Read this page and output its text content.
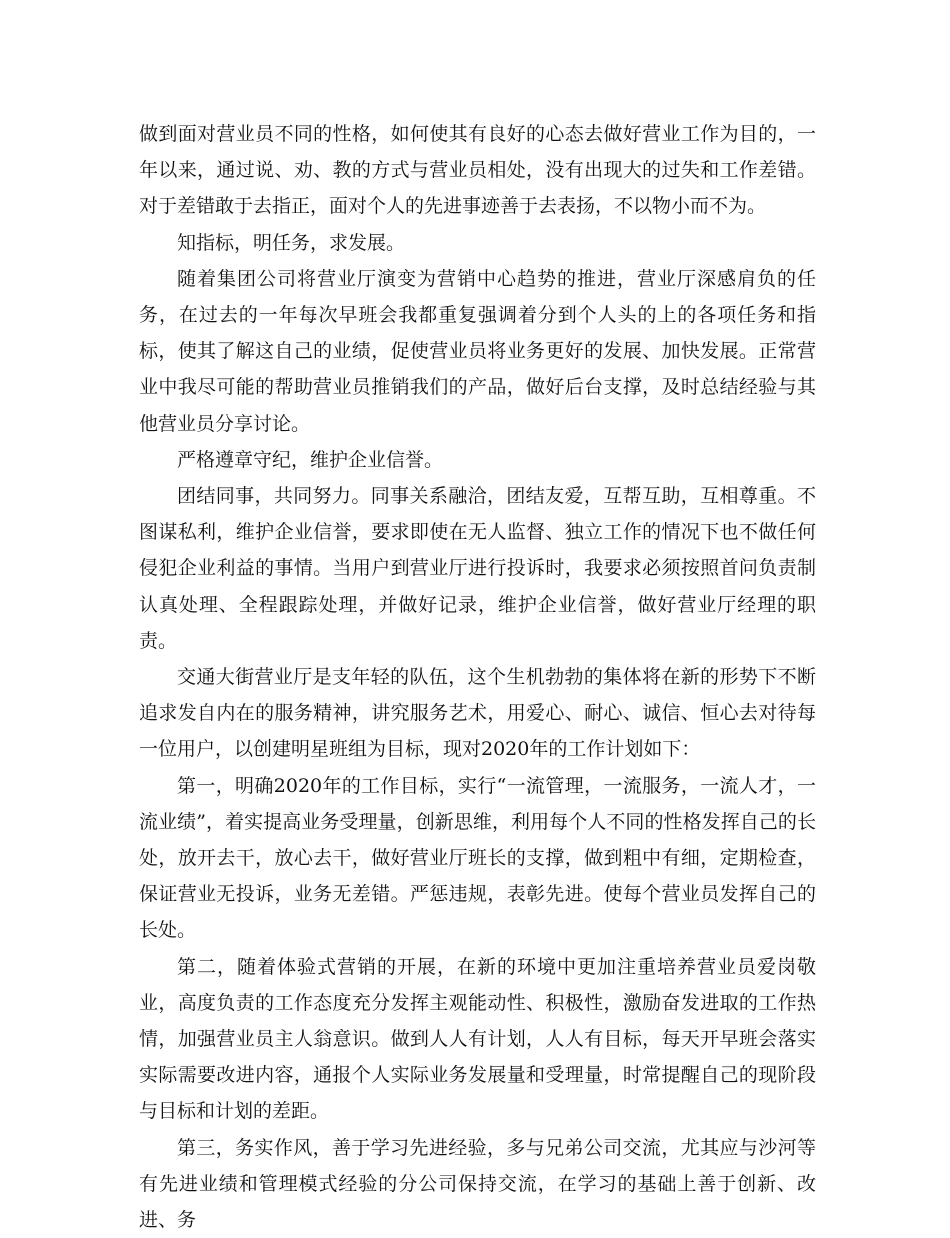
做到面对营业员不同的性格，如何使其有良好的心态去做好营业工作为目的，一年以来，通过说、劝、教的方式与营业员相处，没有出现大的过失和工作差错。对于差错敢于去指正，面对个人的先进事迹善于去表扬，不以物小而不为。

知指标，明任务，求发展。

随着集团公司将营业厅演变为营销中心趋势的推进，营业厅深感肩负的任务，在过去的一年每次早班会我都重复强调着分到个人头的上的各项任务和指标，使其了解这自己的业绩，促使营业员将业务更好的发展、加快发展。正常营业中我尽可能的帮助营业员推销我们的产品，做好后台支撑，及时总结经验与其他营业员分享讨论。

严格遵章守纪，维护企业信誉。

团结同事，共同努力。同事关系融洽，团结友爱，互帮互助，互相尊重。不图谋私利，维护企业信誉，要求即使在无人监督、独立工作的情况下也不做任何侵犯企业利益的事情。当用户到营业厅进行投诉时，我要求必须按照首问负责制认真处理、全程跟踪处理，并做好记录，维护企业信誉，做好营业厅经理的职责。

交通大街营业厅是支年轻的队伍，这个生机勃勃的集体将在新的形势下不断追求发自内在的服务精神，讲究服务艺术，用爱心、耐心、诚信、恒心去对待每一位用户，以创建明星班组为目标，现对2020年的工作计划如下：

第一，明确2020年的工作目标，实行“一流管理，一流服务，一流人才，一流业绩”，着实提高业务受理量，创新思维，利用每个人不同的性格发挥自己的长处，放开去干，放心去干，做好营业厅班长的支撑，做到粗中有细，定期检查，保证营业无投诉，业务无差错。严惩违规，表彰先进。使每个营业员发挥自己的长处。

第二，随着体验式营销的开展，在新的环境中更加注重培养营业员爱岗敬业，高度负责的工作态度充分发挥主观能动性、积极性，激励奋发进取的工作热情，加强营业员主人翁意识。做到人人有计划，人人有目标，每天开早班会落实实际需要改进内容，通报个人实际业务发展量和受理量，时常提醒自己的现阶段与目标和计划的差距。

第三，务实作风，善于学习先进经验，多与兄弟公司交流，尤其应与沙河等有先进业绩和管理模式经验的分公司保持交流，在学习的基础上善于创新、改进、务
